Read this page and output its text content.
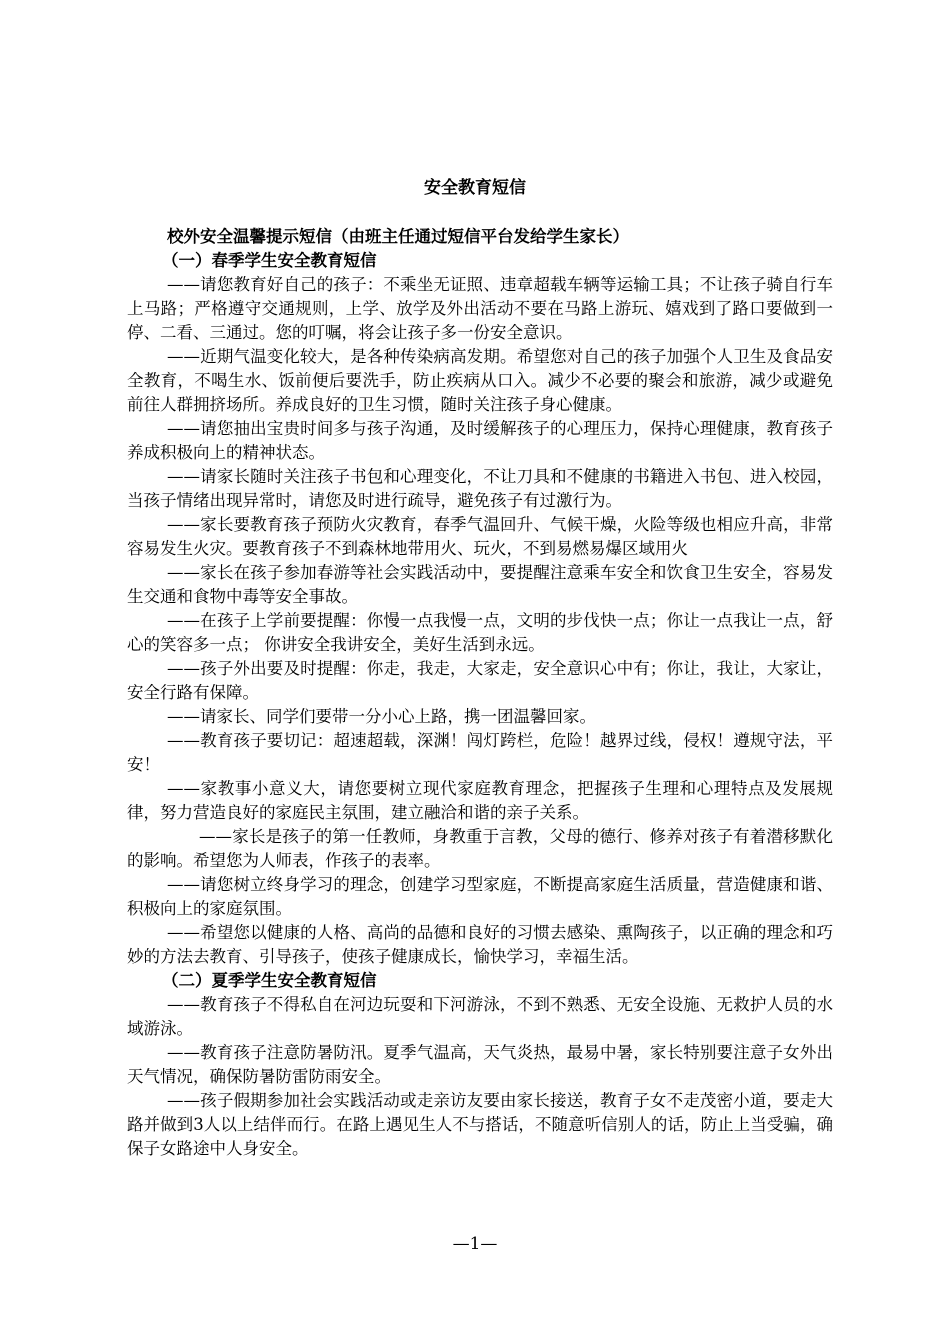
安全教育短信

校外安全温馨提示短信（由班主任通过短信平台发给学生家长）

（一）春季学生安全教育短信

——请您教育好自己的孩子：不乘坐无证照、违章超载车辆等运输工具；不让孩子骑自行车上马路；严格遵守交通规则，上学、放学及外出活动不要在马路上游玩、嬉戏到了路口要做到一停、二看、三通过。您的叮嘱，将会让孩子多一份安全意识。

——近期气温变化较大，是各种传染病高发期。希望您对自己的孩子加强个人卫生及食品安全教育，不喝生水、饭前便后要洗手，防止疾病从口入。减少不必要的聚会和旅游，减少或避免前往人群拥挤场所。养成良好的卫生习惯，随时关注孩子身心健康。

——请您抽出宝贵时间多与孩子沟通，及时缓解孩子的心理压力，保持心理健康，教育孩子养成积极向上的精神状态。

——请家长随时关注孩子书包和心理变化，不让刀具和不健康的书籍进入书包、进入校园，当孩子情绪出现异常时，请您及时进行疏导，避免孩子有过激行为。

——家长要教育孩子预防火灾教育，春季气温回升、气候干燥，火险等级也相应升高，非常容易发生火灾。要教育孩子不到森林地带用火、玩火，不到易燃易爆区域用火

——家长在孩子参加春游等社会实践活动中，要提醒注意乘车安全和饮食卫生安全，容易发生交通和食物中毒等安全事故。

——在孩子上学前要提醒：你慢一点我慢一点，文明的步伐快一点；你让一点我让一点，舒心的笑容多一点； 你讲安全我讲安全，美好生活到永远。

——孩子外出要及时提醒：你走，我走，大家走，安全意识心中有；你让，我让，大家让，安全行路有保障。

——请家长、同学们要带一分小心上路，携一团温馨回家。

——教育孩子要切记：超速超载，深渊！闯灯跨栏，危险！越界过线，侵权！遵规守法，平安！

——家教事小意义大，请您要树立现代家庭教育理念，把握孩子生理和心理特点及发展规律，努力营造良好的家庭民主氛围，建立融洽和谐的亲子关系。

——家长是孩子的第一任教师，身教重于言教，父母的德行、修养对孩子有着潜移默化的影响。希望您为人师表，作孩子的表率。

——请您树立终身学习的理念，创建学习型家庭，不断提高家庭生活质量，营造健康和谐、积极向上的家庭氛围。

——希望您以健康的人格、高尚的品德和良好的习惯去感染、熏陶孩子，以正确的理念和巧妙的方法去教育、引导孩子，使孩子健康成长，愉快学习，幸福生活。

（二）夏季学生安全教育短信

——教育孩子不得私自在河边玩耍和下河游泳，不到不熟悉、无安全设施、无救护人员的水域游泳。

——教育孩子注意防暑防汛。夏季气温高，天气炎热，最易中暑，家长特别要注意子女外出天气情况，确保防暑防雷防雨安全。

——孩子假期参加社会实践活动或走亲访友要由家长接送，教育子女不走茂密小道，要走大路并做到3人以上结伴而行。在路上遇见生人不与搭话，不随意听信别人的话，防止上当受骗，确保子女路途中人身安全。

—1—
